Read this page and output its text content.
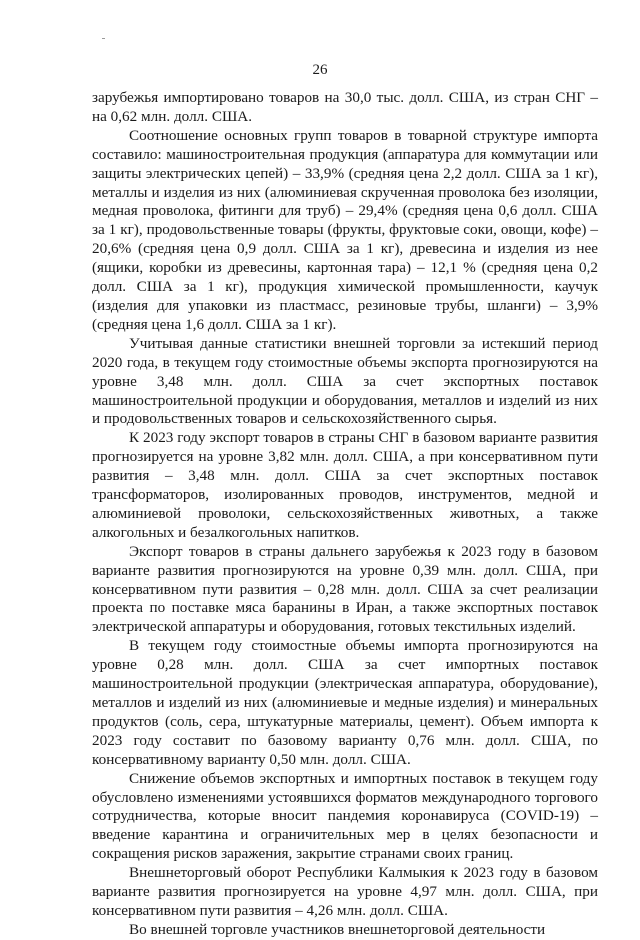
26

зарубежья импортировано товаров на 30,0 тыс. долл. США, из стран СНГ – на 0,62 млн. долл. США.

Соотношение основных групп товаров в товарной структуре импорта составило: машиностроительная продукция (аппаратура для коммутации или защиты электрических цепей) – 33,9% (средняя цена 2,2 долл. США за 1 кг), металлы и изделия из них (алюминиевая скрученная проволока без изоляции, медная проволока, фитинги для труб) – 29,4% (средняя цена 0,6 долл. США за 1 кг), продовольственные товары (фрукты, фруктовые соки, овощи, кофе) – 20,6% (средняя цена 0,9 долл. США за 1 кг), древесина и изделия из нее (ящики, коробки из древесины, картонная тара) – 12,1 % (средняя цена 0,2 долл. США за 1 кг), продукция химической промышленности, каучук (изделия для упаковки из пластмасс, резиновые трубы, шланги) – 3,9% (средняя цена 1,6 долл. США за 1 кг).

Учитывая данные статистики внешней торговли за истекший период 2020 года, в текущем году стоимостные объемы экспорта прогнозируются на уровне 3,48 млн. долл. США за счет экспортных поставок машиностроительной продукции и оборудования, металлов и изделий из них и продовольственных товаров и сельскохозяйственного сырья.

К 2023 году экспорт товаров в страны СНГ в базовом варианте развития прогнозируется на уровне 3,82 млн. долл. США, а при консервативном пути развития – 3,48 млн. долл. США за счет экспортных поставок трансформаторов, изолированных проводов, инструментов, медной и алюминиевой проволоки, сельскохозяйственных животных, а также алкогольных и безалкогольных напитков.

Экспорт товаров в страны дальнего зарубежья к 2023 году в базовом варианте развития прогнозируются на уровне 0,39 млн. долл. США, при консервативном пути развития – 0,28 млн. долл. США за счет реализации проекта по поставке мяса баранины в Иран, а также экспортных поставок электрической аппаратуры и оборудования, готовых текстильных изделий.

В текущем году стоимостные объемы импорта прогнозируются на уровне 0,28 млн. долл. США за счет импортных поставок машиностроительной продукции (электрическая аппаратура, оборудование), металлов и изделий из них (алюминиевые и медные изделия) и минеральных продуктов (соль, сера, штукатурные материалы, цемент). Объем импорта к 2023 году составит по базовому варианту 0,76 млн. долл. США, по консервативному варианту 0,50 млн. долл. США.

Снижение объемов экспортных и импортных поставок в текущем году обусловлено изменениями устоявшихся форматов международного торгового сотрудничества, которые вносит пандемия коронавируса (COVID-19) – введение карантина и ограничительных мер в целях безопасности и сокращения рисков заражения, закрытие странами своих границ.

Внешнеторговый оборот Республики Калмыкия к 2023 году в базовом варианте развития прогнозируется на уровне 4,97 млн. долл. США, при консервативном пути развития – 4,26 млн. долл. США.

Во внешней торговле участников внешнеторговой деятельности
